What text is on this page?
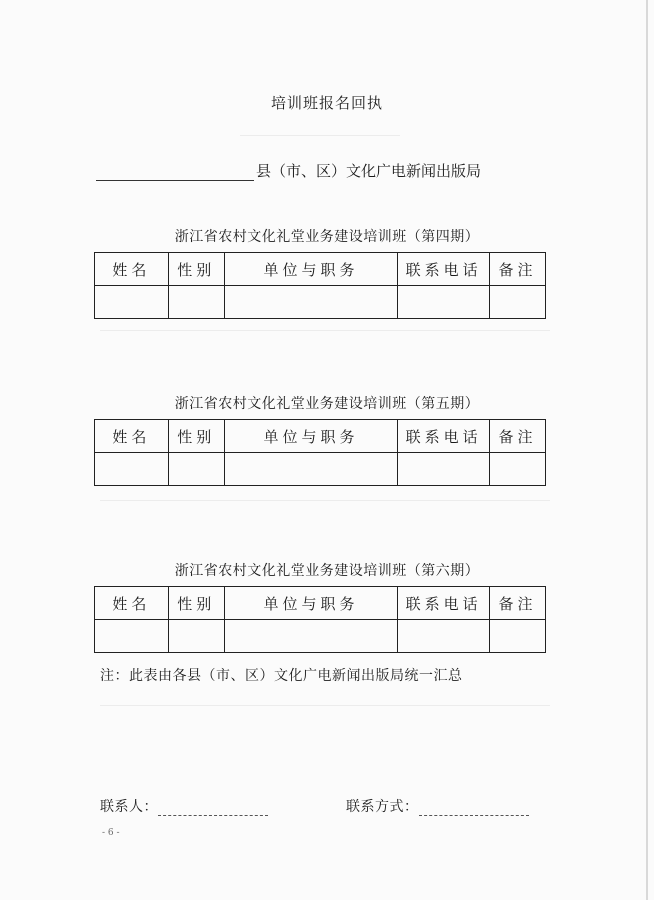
培训班报名回执
县（市、区）文化广电新闻出版局
浙江省农村文化礼堂业务建设培训班（第四期）
姓名	性别	单位与职务	联系电话	备注

浙江省农村文化礼堂业务建设培训班（第五期）
姓名	性别	单位与职务	联系电话	备注

浙江省农村文化礼堂业务建设培训班（第六期）
姓名	性别	单位与职务	联系电话	备注

注：此表由各县（市、区）文化广电新闻出版局统一汇总
联系人：	联系方式：
- 6 -
